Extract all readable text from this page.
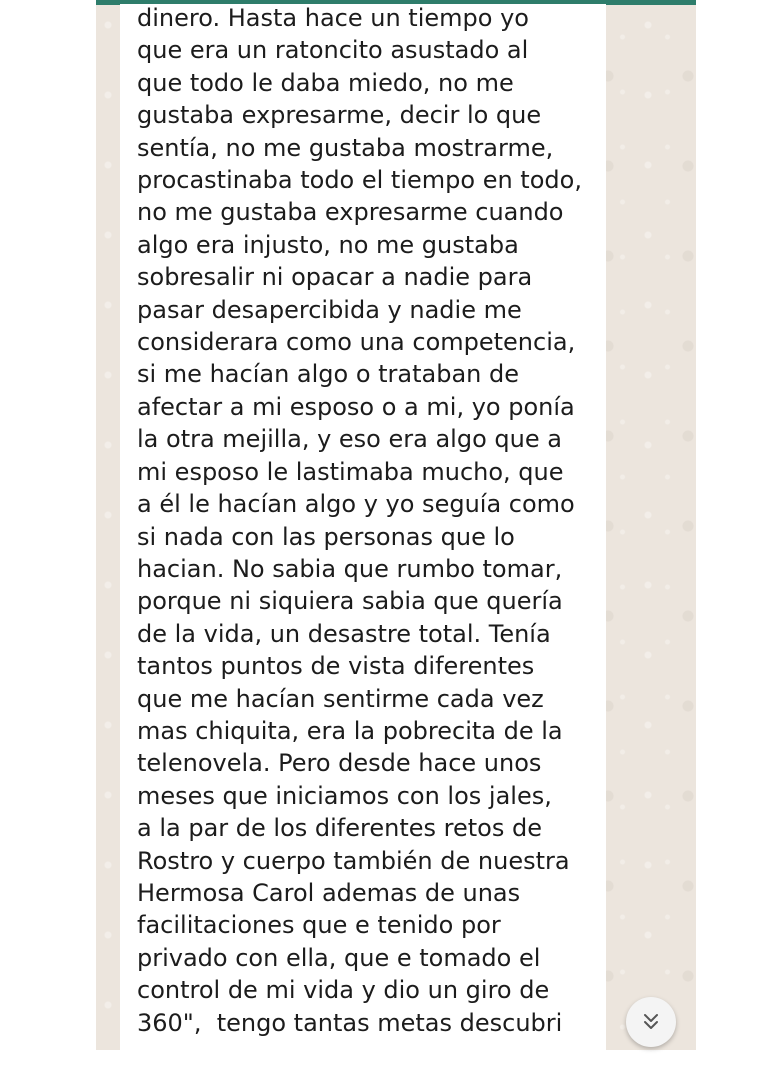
dinero. Hasta hace un tiempo yo
que era un ratoncito asustado al
que todo le daba miedo, no me
gustaba expresarme, decir lo que
sentía, no me gustaba mostrarme,
procastinaba todo el tiempo en todo,
no me gustaba expresarme cuando
algo era injusto, no me gustaba
sobresalir ni opacar a nadie para
pasar desapercibida y nadie me
considerara como una competencia,
si me hacían algo o trataban de
afectar a mi esposo o a mi, yo ponía
la otra mejilla, y eso era algo que a
mi esposo le lastimaba mucho, que
a él le hacían algo y yo seguía como
si nada con las personas que lo
hacian. No sabia que rumbo tomar,
porque ni siquiera sabia que quería
de la vida, un desastre total. Tenía
tantos puntos de vista diferentes
que me hacían sentirme cada vez
mas chiquita, era la pobrecita de la
telenovela. Pero desde hace unos
meses que iniciamos con los jales,
a la par de los diferentes retos de
Rostro y cuerpo también de nuestra
Hermosa Carol ademas de unas
facilitaciones que e tenido por
privado con ella, que e tomado el
control de mi vida y dio un giro de
360",  tengo tantas metas descubri
